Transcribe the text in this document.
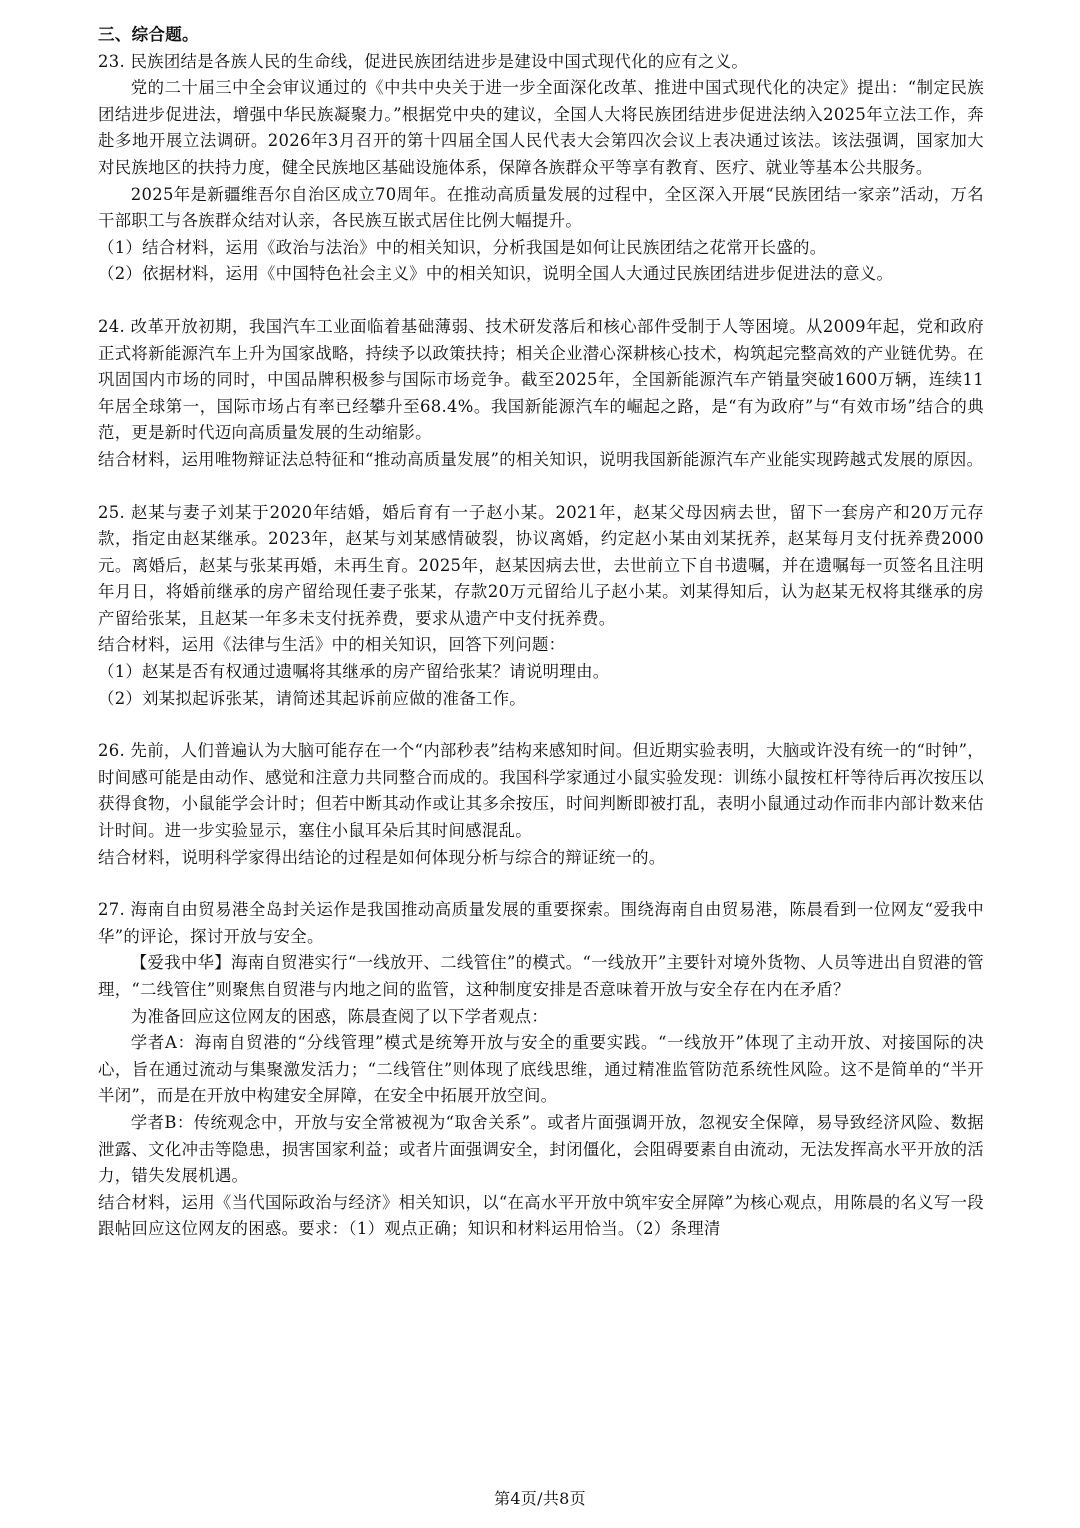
三、综合题。

23. 民族团结是各族人民的生命线，促进民族团结进步是建设中国式现代化的应有之义。

党的二十届三中全会审议通过的《中共中央关于进一步全面深化改革、推进中国式现代化的决定》提出：“制定民族团结进步促进法，增强中华民族凝聚力。”根据党中央的建议，全国人大将民族团结进步促进法纳入2025年立法工作，奔赴多地开展立法调研。2026年3月召开的第十四届全国人民代表大会第四次会议上表决通过该法。该法强调，国家加大对民族地区的扶持力度，健全民族地区基础设施体系，保障各族群众平等享有教育、医疗、就业等基本公共服务。

2025年是新疆维吾尔自治区成立70周年。在推动高质量发展的过程中，全区深入开展“民族团结一家亲”活动，万名干部职工与各族群众结对认亲，各民族互嵌式居住比例大幅提升。

（1）结合材料，运用《政治与法治》中的相关知识，分析我国是如何让民族团结之花常开长盛的。

（2）依据材料，运用《中国特色社会主义》中的相关知识，说明全国人大通过民族团结进步促进法的意义。

24. 改革开放初期，我国汽车工业面临着基础薄弱、技术研发落后和核心部件受制于人等困境。从2009年起，党和政府正式将新能源汽车上升为国家战略，持续予以政策扶持；相关企业潜心深耕核心技术，构筑起完整高效的产业链优势。在巩固国内市场的同时，中国品牌积极参与国际市场竞争。截至2025年，全国新能源汽车产销量突破1600万辆，连续11年居全球第一，国际市场占有率已经攀升至68.4%。我国新能源汽车的崛起之路，是“有为政府”与“有效市场”结合的典范，更是新时代迈向高质量发展的生动缩影。

结合材料，运用唯物辩证法总特征和“推动高质量发展”的相关知识，说明我国新能源汽车产业能实现跨越式发展的原因。

25. 赵某与妻子刘某于2020年结婚，婚后育有一子赵小某。2021年，赵某父母因病去世，留下一套房产和20万元存款，指定由赵某继承。2023年，赵某与刘某感情破裂，协议离婚，约定赵小某由刘某抚养，赵某每月支付抚养费2000元。离婚后，赵某与张某再婚，未再生育。2025年，赵某因病去世，去世前立下自书遗嘱，并在遗嘱每一页签名且注明年月日，将婚前继承的房产留给现任妻子张某，存款20万元留给儿子赵小某。刘某得知后，认为赵某无权将其继承的房产留给张某，且赵某一年多未支付抚养费，要求从遗产中支付抚养费。

结合材料，运用《法律与生活》中的相关知识，回答下列问题：

（1）赵某是否有权通过遗嘱将其继承的房产留给张某？请说明理由。

（2）刘某拟起诉张某，请简述其起诉前应做的准备工作。

26. 先前，人们普遍认为大脑可能存在一个“内部秒表”结构来感知时间。但近期实验表明，大脑或许没有统一的“时钟”，时间感可能是由动作、感觉和注意力共同整合而成的。我国科学家通过小鼠实验发现：训练小鼠按杠杆等待后再次按压以获得食物，小鼠能学会计时；但若中断其动作或让其多余按压，时间判断即被打乱，表明小鼠通过动作而非内部计数来估计时间。进一步实验显示，塞住小鼠耳朵后其时间感混乱。

结合材料，说明科学家得出结论的过程是如何体现分析与综合的辩证统一的。

27. 海南自由贸易港全岛封关运作是我国推动高质量发展的重要探索。围绕海南自由贸易港，陈晨看到一位网友“爱我中华”的评论，探讨开放与安全。

【爱我中华】海南自贸港实行“一线放开、二线管住”的模式。“一线放开”主要针对境外货物、人员等进出自贸港的管理，“二线管住”则聚焦自贸港与内地之间的监管，这种制度安排是否意味着开放与安全存在内在矛盾？

为准备回应这位网友的困惑，陈晨查阅了以下学者观点：

学者A：海南自贸港的“分线管理”模式是统筹开放与安全的重要实践。“一线放开”体现了主动开放、对接国际的决心，旨在通过流动与集聚激发活力；“二线管住”则体现了底线思维，通过精准监管防范系统性风险。这不是简单的“半开半闭”，而是在开放中构建安全屏障，在安全中拓展开放空间。

学者B：传统观念中，开放与安全常被视为“取舍关系”。或者片面强调开放，忽视安全保障，易导致经济风险、数据泄露、文化冲击等隐患，损害国家利益；或者片面强调安全，封闭僵化，会阻碍要素自由流动，无法发挥高水平开放的活力，错失发展机遇。

结合材料，运用《当代国际政治与经济》相关知识，以“在高水平开放中筑牢安全屏障”为核心观点，用陈晨的名义写一段跟帖回应这位网友的困惑。要求：（1）观点正确；知识和材料运用恰当。（2）条理清

第4页/共8页
